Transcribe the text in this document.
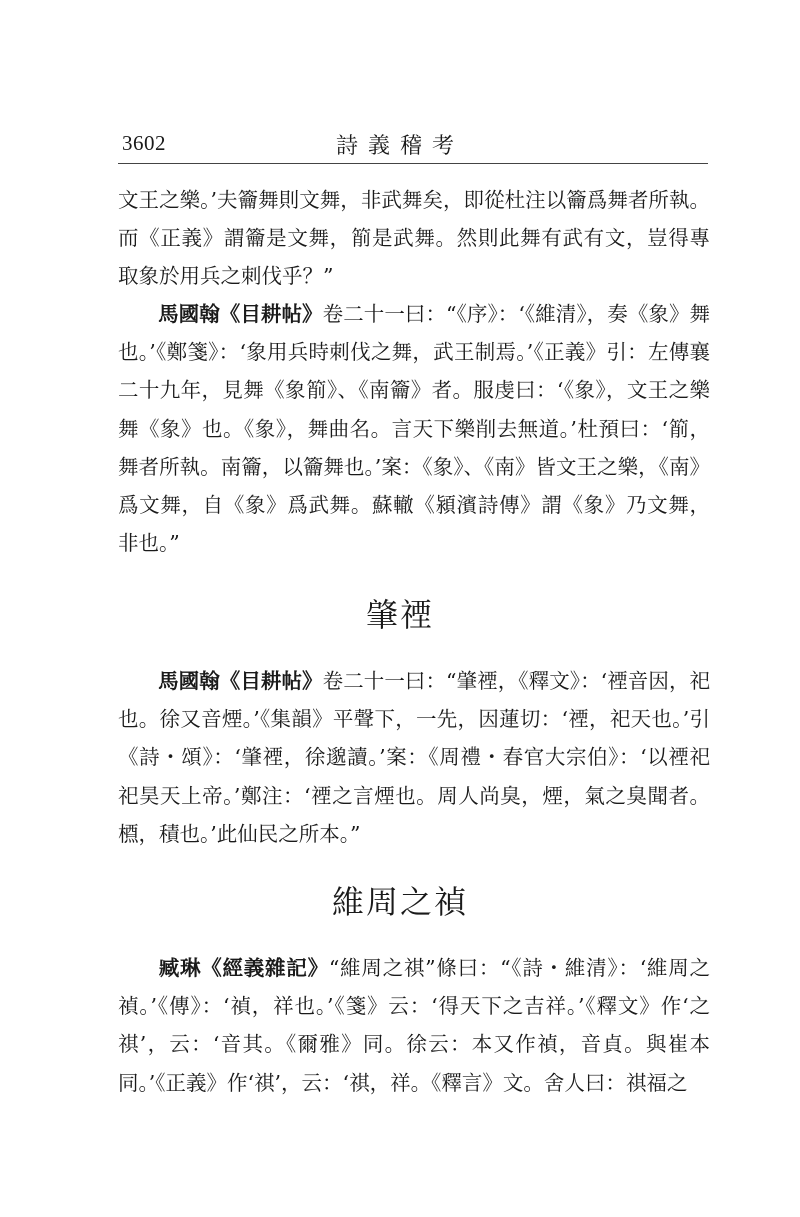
3602	詩義稽考
文王之樂。’夫籥舞則文舞，非武舞矣，即從杜注以籥爲舞者所執。而《正義》謂籥是文舞，箾是武舞。然則此舞有武有文，豈得專取象於用兵之刺伐乎？”
馬國翰《目耕帖》卷二十一曰：“《序》：‘《維清》，奏《象》舞也。’《鄭箋》：‘象用兵時刺伐之舞，武王制焉。’《正義》引：左傳襄二十九年，見舞《象箾》、《南籥》者。服虔曰：‘《象》，文王之樂舞《象》也。《象》，舞曲名。言天下樂削去無道。’杜預曰：‘箾，舞者所執。南籥，以籥舞也。’案：《象》、《南》皆文王之樂，《南》爲文舞，自《象》爲武舞。蘇轍《潁濱詩傳》謂《象》乃文舞，非也。”
肇禋
馬國翰《目耕帖》卷二十一曰：“肇禋，《釋文》：‘禋音因，祀也。徐又音煙。’《集韻》平聲下，一先，因蓮切：‘禋，祀天也。’引《詩・頌》：‘肇禋，徐邈讀。’案：《周禮・春官大宗伯》：‘以禋祀祀昊天上帝。’鄭注：‘禋之言煙也。周人尚臭，煙，氣之臭聞者。槱，積也。’此仙民之所本。”
維周之禎
臧琳《經義雜記》“維周之祺”條曰：“《詩・維清》：‘維周之禎。’《傳》：‘禎，祥也。’《箋》云：‘得天下之吉祥。’《釋文》作‘之祺’，云：‘音其。《爾雅》同。徐云：本又作禎，音貞。與崔本同。’《正義》作‘祺’，云：‘祺，祥。《釋言》文。舍人曰：祺福之
